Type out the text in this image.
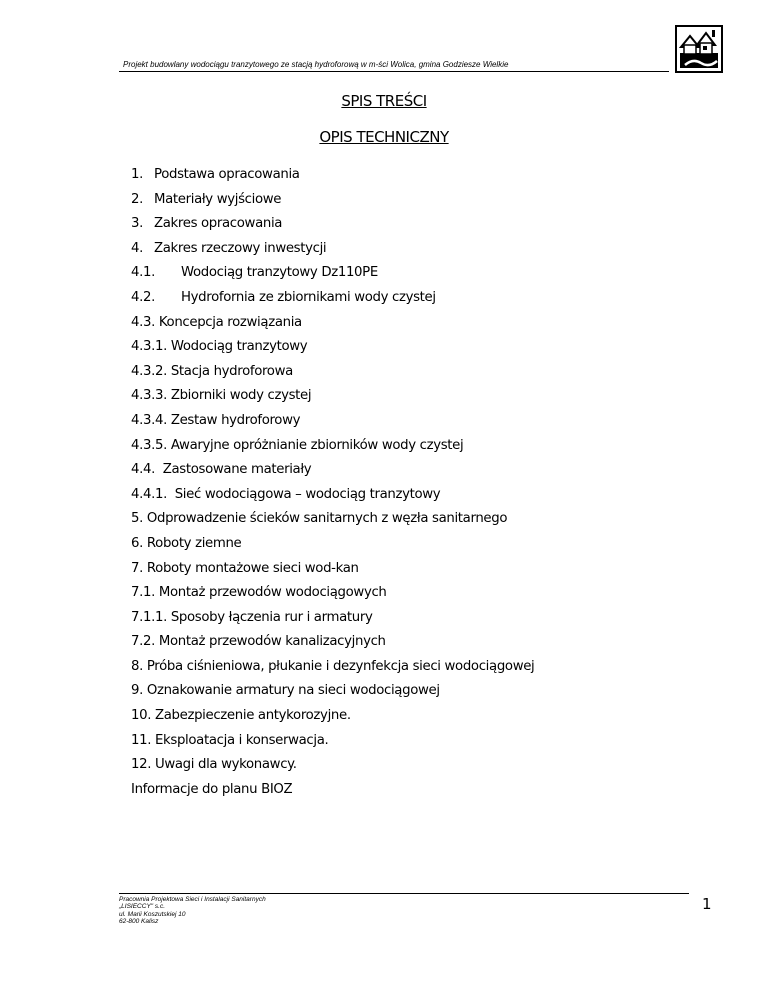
Projekt budowlany wodociągu tranzytowego ze stacją hydroforową w m-ści Wolica, gmina Godziesze Wielkie
SPIS TREŚCI
OPIS TECHNICZNY
1. Podstawa opracowania
2. Materiały wyjściowe
3. Zakres opracowania
4. Zakres rzeczowy inwestycji
4.1. Wodociąg tranzytowy Dz110PE
4.2. Hydrofornia ze zbiornikami wody czystej
4.3. Koncepcja rozwiązania
4.3.1. Wodociąg tranzytowy
4.3.2. Stacja hydroforowa
4.3.3. Zbiorniki wody czystej
4.3.4. Zestaw hydroforowy
4.3.5. Awaryjne opróżnianie zbiorników wody czystej
4.4.  Zastosowane materiały
4.4.1.  Sieć wodociągowa – wodociąg tranzytowy
5. Odprowadzenie ścieków sanitarnych z węzła sanitarnego
6. Roboty ziemne
7. Roboty montażowe sieci wod-kan
7.1. Montaż przewodów wodociągowych
7.1.1. Sposoby łączenia rur i armatury
7.2. Montaż przewodów kanalizacyjnych
8. Próba ciśnieniowa, płukanie i dezynfekcja sieci wodociągowej
9. Oznakowanie armatury na sieci wodociągowej
10. Zabezpieczenie antykorozyjne.
11. Eksploatacja i konserwacja.
12. Uwagi dla wykonawcy.
Informacje do planu BIOZ
Pracownia Projektowa Sieci i Instalacji Sanitarnych
„LISIECCY" s.c.
ul. Marii Koszutskiej 10
62-800 Kalisz
1
